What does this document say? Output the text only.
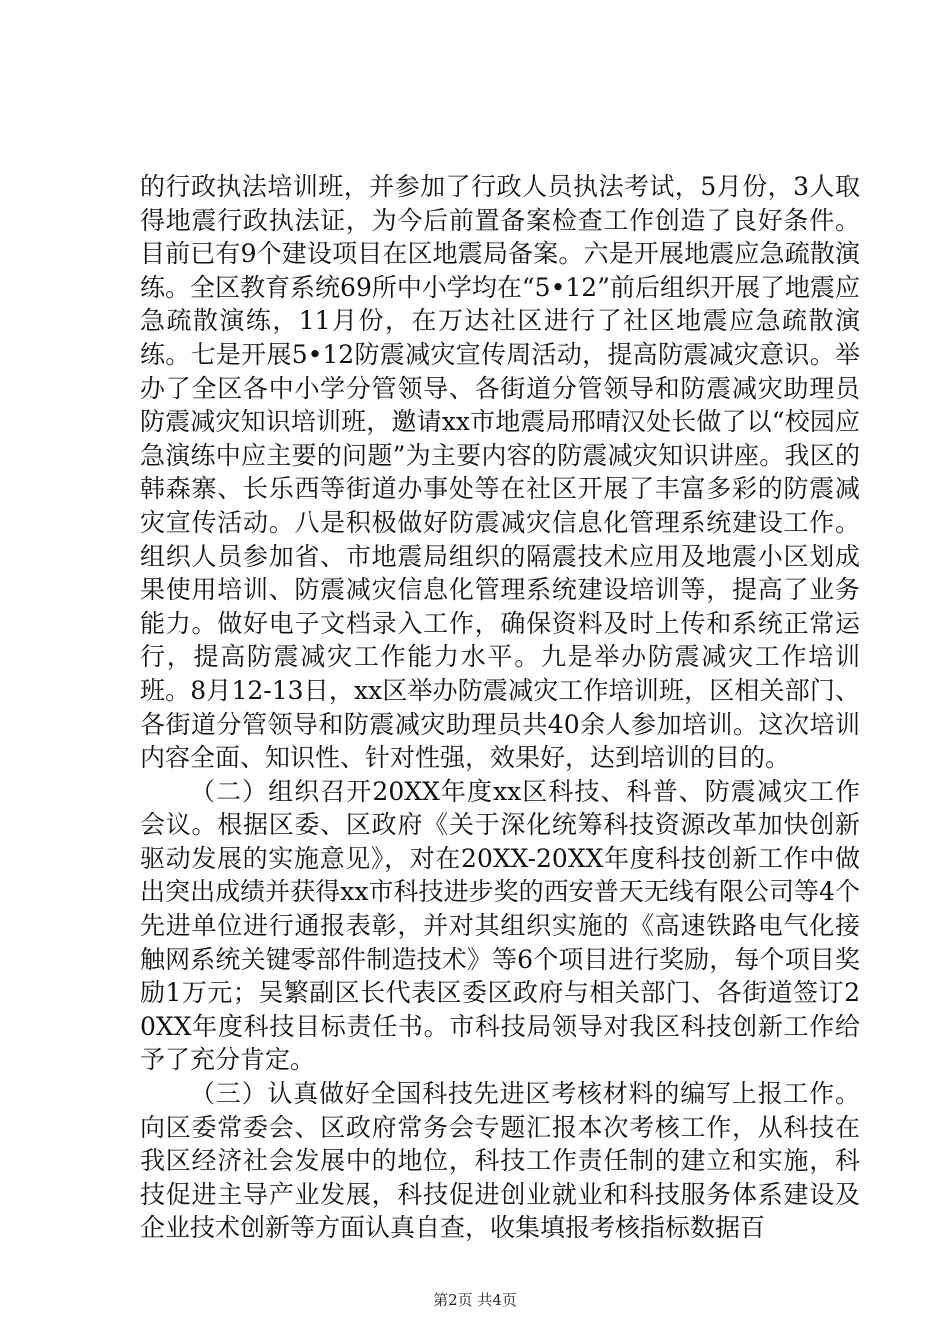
的行政执法培训班，并参加了行政人员执法考试，5月份，3人取得地震行政执法证，为今后前置备案检查工作创造了良好条件。目前已有9个建设项目在区地震局备案。六是开展地震应急疏散演练。全区教育系统69所中小学均在“5•12”前后组织开展了地震应急疏散演练，11月份，在万达社区进行了社区地震应急疏散演练。七是开展5•12防震减灾宣传周活动，提高防震减灾意识。举办了全区各中小学分管领导、各街道分管领导和防震减灾助理员防震减灾知识培训班，邀请xx市地震局邢晴汉处长做了以“校园应急演练中应主要的问题”为主要内容的防震减灾知识讲座。我区的韩森寨、长乐西等街道办事处等在社区开展了丰富多彩的防震减灾宣传活动。八是积极做好防震减灾信息化管理系统建设工作。组织人员参加省、市地震局组织的隔震技术应用及地震小区划成果使用培训、防震减灾信息化管理系统建设培训等，提高了业务能力。做好电子文档录入工作，确保资料及时上传和系统正常运行，提高防震减灾工作能力水平。九是举办防震减灾工作培训班。8月12-13日，xx区举办防震减灾工作培训班，区相关部门、各街道分管领导和防震减灾助理员共40余人参加培训。这次培训内容全面、知识性、针对性强，效果好，达到培训的目的。

（二）组织召开20XX年度xx区科技、科普、防震减灾工作会议。根据区委、区政府《关于深化统筹科技资源改革加快创新驱动发展的实施意见》，对在20XX-20XX年度科技创新工作中做出突出成绩并获得xx市科技进步奖的西安普天无线有限公司等4个先进单位进行通报表彰，并对其组织实施的《高速铁路电气化接触网系统关键零部件制造技术》等6个项目进行奖励，每个项目奖励1万元；吴繁副区长代表区委区政府与相关部门、各街道签订20XX年度科技目标责任书。市科技局领导对我区科技创新工作给予了充分肯定。

（三）认真做好全国科技先进区考核材料的编写上报工作。向区委常委会、区政府常务会专题汇报本次考核工作，从科技在我区经济社会发展中的地位，科技工作责任制的建立和实施，科技促进主导产业发展，科技促进创业就业和科技服务体系建设及企业技术创新等方面认真自查，收集填报考核指标数据百

第2页 共4页
